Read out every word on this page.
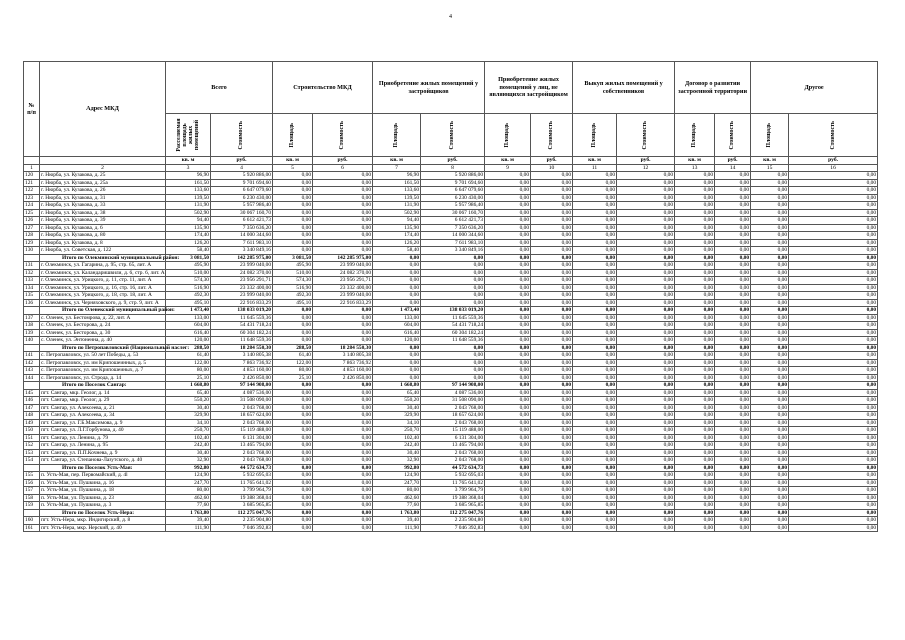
4
№ п/п	Адрес МКД	Всего		Строительство МКД		Приобретение жилых помещений у застройщиков		Приобретение жилых помещений у лиц, не являющихся застройщиком		Выкуп жилых помещений у собственников		Договор о развитии застроенной территории		Другое	
		Расселяемая площадь жилых помещений	Стоимость	Площадь	Стоимость	Площадь	Стоимость	Площадь	Стоимость	Площадь	Стоимость	Площадь	Стоимость	Площадь	Стоимость
		кв. м	руб.	кв. м	руб.	кв. м	руб.	кв. м	руб.	кв. м	руб.	кв. м	руб.	кв. м	руб.
1	2	3	4	5	6	7	8	9	10	11	12	13	14	15	16
120	г. Нюрба, ул. Кузакова, д. 25	96,90	5 920 886,00	0,00	0,00	96,90	5 920 886,00	0,00	0,00	0,00	0,00	0,00	0,00	0,00	0,00
121	г. Нюрба, ул. Кузакова, д. 25а	161,50	9 701 694,60	0,00	0,00	161,50	9 701 694,60	0,00	0,00	0,00	0,00	0,00	0,00	0,00	0,00
122	г. Нюрба, ул. Кузакова, д. 26	133,60	6 647 079,60	0,00	0,00	133,60	6 647 079,60	0,00	0,00	0,00	0,00	0,00	0,00	0,00	0,00
123	г. Нюрба, ул. Кузакова, д. 31	139,50	6 230 430,00	0,00	0,00	139,50	6 230 430,00	0,00	0,00	0,00	0,00	0,00	0,00	0,00	0,00
124	г. Нюрба, ул. Кузакова, д. 33	131,90	5 957 986,40	0,00	0,00	131,90	5 957 986,40	0,00	0,00	0,00	0,00	0,00	0,00	0,00	0,00
125	г. Нюрба, ул. Кузакова, д. 38	502,90	30 067 160,70	0,00	0,00	502,90	30 067 160,70	0,00	0,00	0,00	0,00	0,00	0,00	0,00	0,00
126	г. Нюрба, ул. Кузакова, д. 39	94,40	6 612 421,73	0,00	0,00	94,40	6 612 421,73	0,00	0,00	0,00	0,00	0,00	0,00	0,00	0,00
127	г. Нюрба, ул. Кузакова, д. 6	135,90	7 350 636,20	0,00	0,00	135,90	7 350 636,20	0,00	0,00	0,00	0,00	0,00	0,00	0,00	0,00
128	г. Нюрба, ул. Кузакова, д. 80	174,40	14 000 344,60	0,00	0,00	174,40	14 000 344,60	0,00	0,00	0,00	0,00	0,00	0,00	0,00	0,00
129	г. Нюрба, ул. Кузакова, д. 8	126,20	7 611 983,10	0,00	0,00	126,20	7 611 983,10	0,00	0,00	0,00	0,00	0,00	0,00	0,00	0,00
130	г. Нюрба, ул. Советская, д. 122	58,40	3 340 849,16	0,00	0,00	58,40	3 340 849,16	0,00	0,00	0,00	0,00	0,00	0,00	0,00	0,00
	Итого по Олекминский муниципальный район:	3 081,50	142 285 975,00	3 081,50	142 285 975,00	0,00	0,00	0,00	0,00	0,00	0,00	0,00	0,00	0,00	0,00
131	г. Олекминск, ул. Гагарина, д. 95, стр. 65, лит. А	495,90	23 999 040,00	495,90	23 999 040,00	0,00	0,00	0,00	0,00	0,00	0,00	0,00	0,00	0,00	0,00
132	г. Олекминск, ул. Каландаришвили, д. 6, стр. 6, лит. А	510,00	24 082 370,00	510,00	24 082 370,00	0,00	0,00	0,00	0,00	0,00	0,00	0,00	0,00	0,00	0,00
133	г. Олекминск, ул. Урицкого, д. 11, стр. 11, лит. А	574,30	23 956 291,71	574,30	23 956 291,71	0,00	0,00	0,00	0,00	0,00	0,00	0,00	0,00	0,00	0,00
134	г. Олекминск, ул. Урицкого, д. 16, стр. 16, лит. А	516,90	23 332 400,00	516,90	23 332 400,00	0,00	0,00	0,00	0,00	0,00	0,00	0,00	0,00	0,00	0,00
135	г. Олекминск, ул. Урицкого, д. 18, стр. 18, лит. А	492,30	23 999 040,00	492,30	23 999 040,00	0,00	0,00	0,00	0,00	0,00	0,00	0,00	0,00	0,00	0,00
136	г. Олекминск, ул. Черняховского, д. 9, стр. 9, лит. А	495,10	22 916 833,29	495,10	22 916 833,29	0,00	0,00	0,00	0,00	0,00	0,00	0,00	0,00	0,00	0,00
	Итого по Оленекский муниципальный район:	1 473,40	138 033 019,20	0,00	0,00	1 473,40	138 033 019,20	0,00	0,00	0,00	0,00	0,00	0,00	0,00	0,00
137	с. Оленек, ул. Бестомрова, д. 22, лит. А	133,00	11 645 559,36	0,00	0,00	133,00	11 645 559,36	0,00	0,00	0,00	0,00	0,00	0,00	0,00	0,00
138	с. Оленек, ул. Бесторова, д. 24	604,00	54 431 718,24	0,00	0,00	604,00	54 431 718,24	0,00	0,00	0,00	0,00	0,00	0,00	0,00	0,00
139	с. Оленек, ул. Бесторова, д. 30	616,40	60 304 182,24	0,00	0,00	616,40	60 304 182,24	0,00	0,00	0,00	0,00	0,00	0,00	0,00	0,00
140	с. Оленек, ул. Энтоненна, д. 40	120,00	11 648 559,36	0,00	0,00	120,00	11 648 559,36	0,00	0,00	0,00	0,00	0,00	0,00	0,00	0,00
	Итого по Петропавловский (Национальный наслег:	288,50	18 284 550,30	288,50	18 284 550,30	0,00	0,00	0,00	0,00	0,00	0,00	0,00	0,00	0,00	0,00
141	с. Петропавловск, ул. 50 лет Победы, д. 53	61,40	3 140 805,38	61,40	3 140 805,38	0,00	0,00	0,00	0,00	0,00	0,00	0,00	0,00	0,00	0,00
142	с. Петропавловск, ул. им Крипошеинных, д. 5	122,00	7 863 736,92	122,00	7 863 736,92	0,00	0,00	0,00	0,00	0,00	0,00	0,00	0,00	0,00	0,00
143	с. Петропавловск, ул. им Крипошеиных, д. 7	80,00	4 853 160,00	80,00	4 853 160,00	0,00	0,00	0,00	0,00	0,00	0,00	0,00	0,00	0,00	0,00
144	с. Петропавловск, ул. Строда, д. 14	25,10	2 426 850,00	25,10	2 426 850,00	0,00	0,00	0,00	0,00	0,00	0,00	0,00	0,00	0,00	0,00
	Итого по Поселок Сангар:	1 668,80	97 144 908,00	0,00	0,00	1 668,80	97 144 908,00	0,00	0,00	0,00	0,00	0,00	0,00	0,00	0,00
145	пгт. Сангар, мкр. Геолог, д. 14	65,40	4 087 536,00	0,00	0,00	65,40	4 087 536,00	0,00	0,00	0,00	0,00	0,00	0,00	0,00	0,00
146	пгт. Сангар, мкр. Геолог, д. 29	550,20	31 508 090,00	0,00	0,00	550,20	31 508 090,00	0,00	0,00	0,00	0,00	0,00	0,00	0,00	0,00
147	пгт. Сангар, ул. Алексеева, д. 21	30,40	2 043 768,00	0,00	0,00	30,40	2 043 768,00	0,00	0,00	0,00	0,00	0,00	0,00	0,00	0,00
148	пгт. Сангар, ул. Алексеева, д. 34	329,90	18 657 624,00	0,00	0,00	329,90	18 657 624,00	0,00	0,00	0,00	0,00	0,00	0,00	0,00	0,00
149	пгт. Сангар, ул. Г.Б.Максимова, д. 9	34,10	2 043 768,00	0,00	0,00	34,10	2 043 768,00	0,00	0,00	0,00	0,00	0,00	0,00	0,00	0,00
150	пгт. Сангар, ул. Л.Г.Горбунова, д. 40	250,70	15 119 488,00	0,00	0,00	250,70	15 119 488,00	0,00	0,00	0,00	0,00	0,00	0,00	0,00	0,00
151	пгт. Сангар, ул. Ленина, д. 79	102,40	6 131 304,00	0,00	0,00	102,40	6 131 304,00	0,00	0,00	0,00	0,00	0,00	0,00	0,00	0,00
152	пгт. Сангар, ул. Ленина, д. 95	242,40	13 465 794,00	0,00	0,00	242,40	13 465 794,00	0,00	0,00	0,00	0,00	0,00	0,00	0,00	0,00
153	пгт. Сангар, ул. П.П.Кочнева, д. 9	30,40	2 043 768,00	0,00	0,00	30,40	2 043 768,00	0,00	0,00	0,00	0,00	0,00	0,00	0,00	0,00
154	пгт. Сангар, ул. Степанова-Лазутского, д. 40	32,90	2 043 768,00	0,00	0,00	32,90	2 043 768,00	0,00	0,00	0,00	0,00	0,00	0,00	0,00	0,00
	Итого по Поселок Усть-Мая:	992,80	44 572 634,73	0,00	0,00	992,80	44 572 634,73	0,00	0,00	0,00	0,00	0,00	0,00	0,00	0,00
155	п. Усть-Мая, пер. Первомайский, д. 4l	124,90	5 932 695,03	0,00	0,00	124,90	5 932 695,03	0,00	0,00	0,00	0,00	0,00	0,00	0,00	0,00
156	п. Усть-Мая, ул. Пушкина, д. 16	247,70	11 765 641,02	0,00	0,00	247,70	11 765 641,02	0,00	0,00	0,00	0,00	0,00	0,00	0,00	0,00
157	п. Усть-Мая, ул. Пушкина, д. 18	80,00	3 799 964,79	0,00	0,00	80,00	3 799 964,79	0,00	0,00	0,00	0,00	0,00	0,00	0,00	0,00
158	п. Усть-Мая, ул. Пушкина, д. 23	462,60	19 388 368,04	0,00	0,00	462,60	19 388 368,04	0,00	0,00	0,00	0,00	0,00	0,00	0,00	0,00
159	п. Усть-Мая, ул. Пушкина, д. 3	77,60	3 685 965,85	0,00	0,00	77,60	3 685 965,85	0,00	0,00	0,00	0,00	0,00	0,00	0,00	0,00
	Итого по Поселок Усть-Нера:	1 763,80	112 275 047,76	0,00	0,00	1 763,80	112 275 047,76	0,00	0,00	0,00	0,00	0,00	0,00	0,00	0,00
160	пгт. Усть-Нера, мкр. Индигирский, д. 8	39,40	2 235 904,80	0,00	0,00	39,40	2 235 904,80	0,00	0,00	0,00	0,00	0,00	0,00	0,00	0,00
161	пгт. Усть-Нера, мкр. Нерский, д. 40	111,90	7 046 392,83	0,00	0,00	111,90	7 046 392,83	0,00	0,00	0,00	0,00	0,00	0,00	0,00	0,00
